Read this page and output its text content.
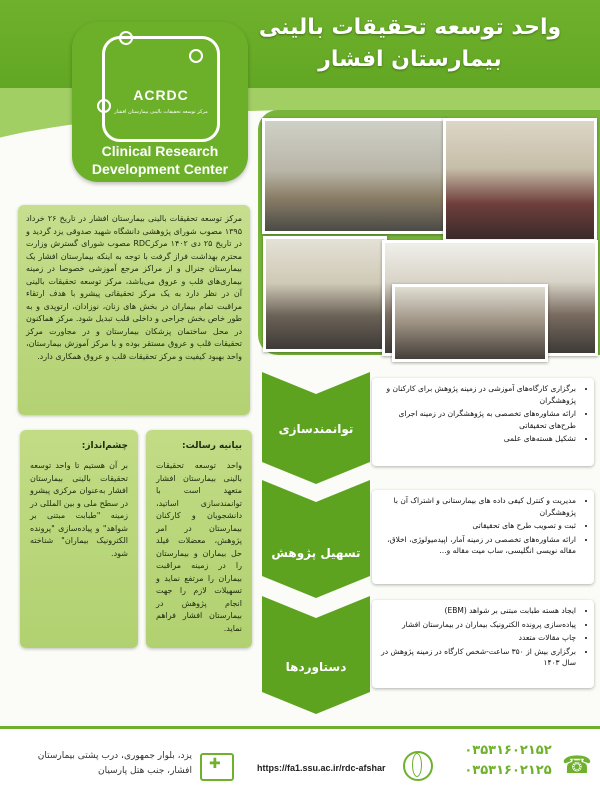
واحد توسعه تحقیقات بالینی
بیمارستان افشار
ACRDC
مرکز توسعه تحقیقات بالینی بیمارستان افشار
Clinical Research
Development Center
مرکز توسعه تحقیقات بالینی بیمارستان افشار در تاریخ ۲۶ خرداد ۱۳۹۵ مصوب شورای پژوهشی دانشگاه شهید صدوقی یزد گردید و در تاریخ ۲۵ دی ۱۴۰۲ مرکزRDC مصوب شورای گسترش وزارت محترم بهداشت فراز گرفت با توجه به اینکه بیمارستان افشار یک بیمارستان جنرال و از مراکز مرجع آموزشی خصوصا در زمینه بیماری‌های قلب و عروق می‌باشد، مرکز توسعه تحقیقات بالینی آن در نظر دارد به یک مرکز تحقیقاتی پیشرو با هدف ارتقاء مراقبت تمام بیماران در بخش های زنان، نوزادان، ارتوپدی و به طور خاص بخش جراحی و داخلی قلب تبدیل شود. مرکز هماکنون در محل ساختمان پزشکان بیمارستان و در مجاورت مرکز تحقیقات قلب و عروق مستقر بوده و با مرکز آموزش بیمارستان، واحد بهبود کیفیت و مرکز تحقیقات قلب و عروق همکاری دارد.
چشم‌انداز:
بر آن هستیم تا واحد توسعه تحقیقات بالینی بیمارستان افشار به‌عنوان مرکزی پیشرو در سطح ملی و بین المللی در زمینه "طبابت مبتنی بر شواهد" و پیاده‌سازی "پرونده الکترونیک بیماران" شناخته شود.
بیانیه رسالت:
واحد توسعه تحقیقات بالینی بیمارستان افشار متعهد است با توانمندسازی اساتید، دانشجویان و کارکنان بیمارستان در امر پژوهش، معضلات فیلد حل بیماران و بیمارستان را در زمینه مراقبت بیماران را مرتفع نماید و تسهیلات لازم را جهت انجام پژوهش در بیمارستان افشار فراهم نماید.
توانمندسازی
• برگزاری کارگاه‌های آموزشی در زمینه پژوهش برای کارکنان و پژوهشگران
• ارائه مشاوره‌های تخصصی به پژوهشگران در زمینه اجرای طرح‌های تحقیقاتی
• تشکیل هسته‌های علمی
تسهیل پژوهش
• مدیریت و کنترل کیفی داده های بیمارستانی و اشتراک آن با پژوهشگران
• ثبت و تصویب طرح های تحقیقاتی
• ارائه مشاوره‌های تخصصی در زمینه آمار، اپیدمیولوژی، اخلاق، مقاله نویسی انگلیسی، ساب میت مقاله و...
دستاوردها
• ایجاد هسته طبابت مبتنی بر شواهد (EBM)
• پیاده‌سازی پرونده الکترونیک بیماران در بیمارستان افشار
• چاپ مقالات متعدد
• برگزاری بیش از ۳۵۰ ساعت-شخص کارگاه در زمینه پژوهش در سال ۱۴۰۳
یزد، بلوار جمهوری، درب پشتی بیمارستان
افشار، جنب هتل پارسیان
✚	https://fa1.ssu.ac.ir/rdc-afshar
۰۳۵۳۱۶۰۲۱۵۲
۰۳۵۳۱۶۰۲۱۲۵ ☎
